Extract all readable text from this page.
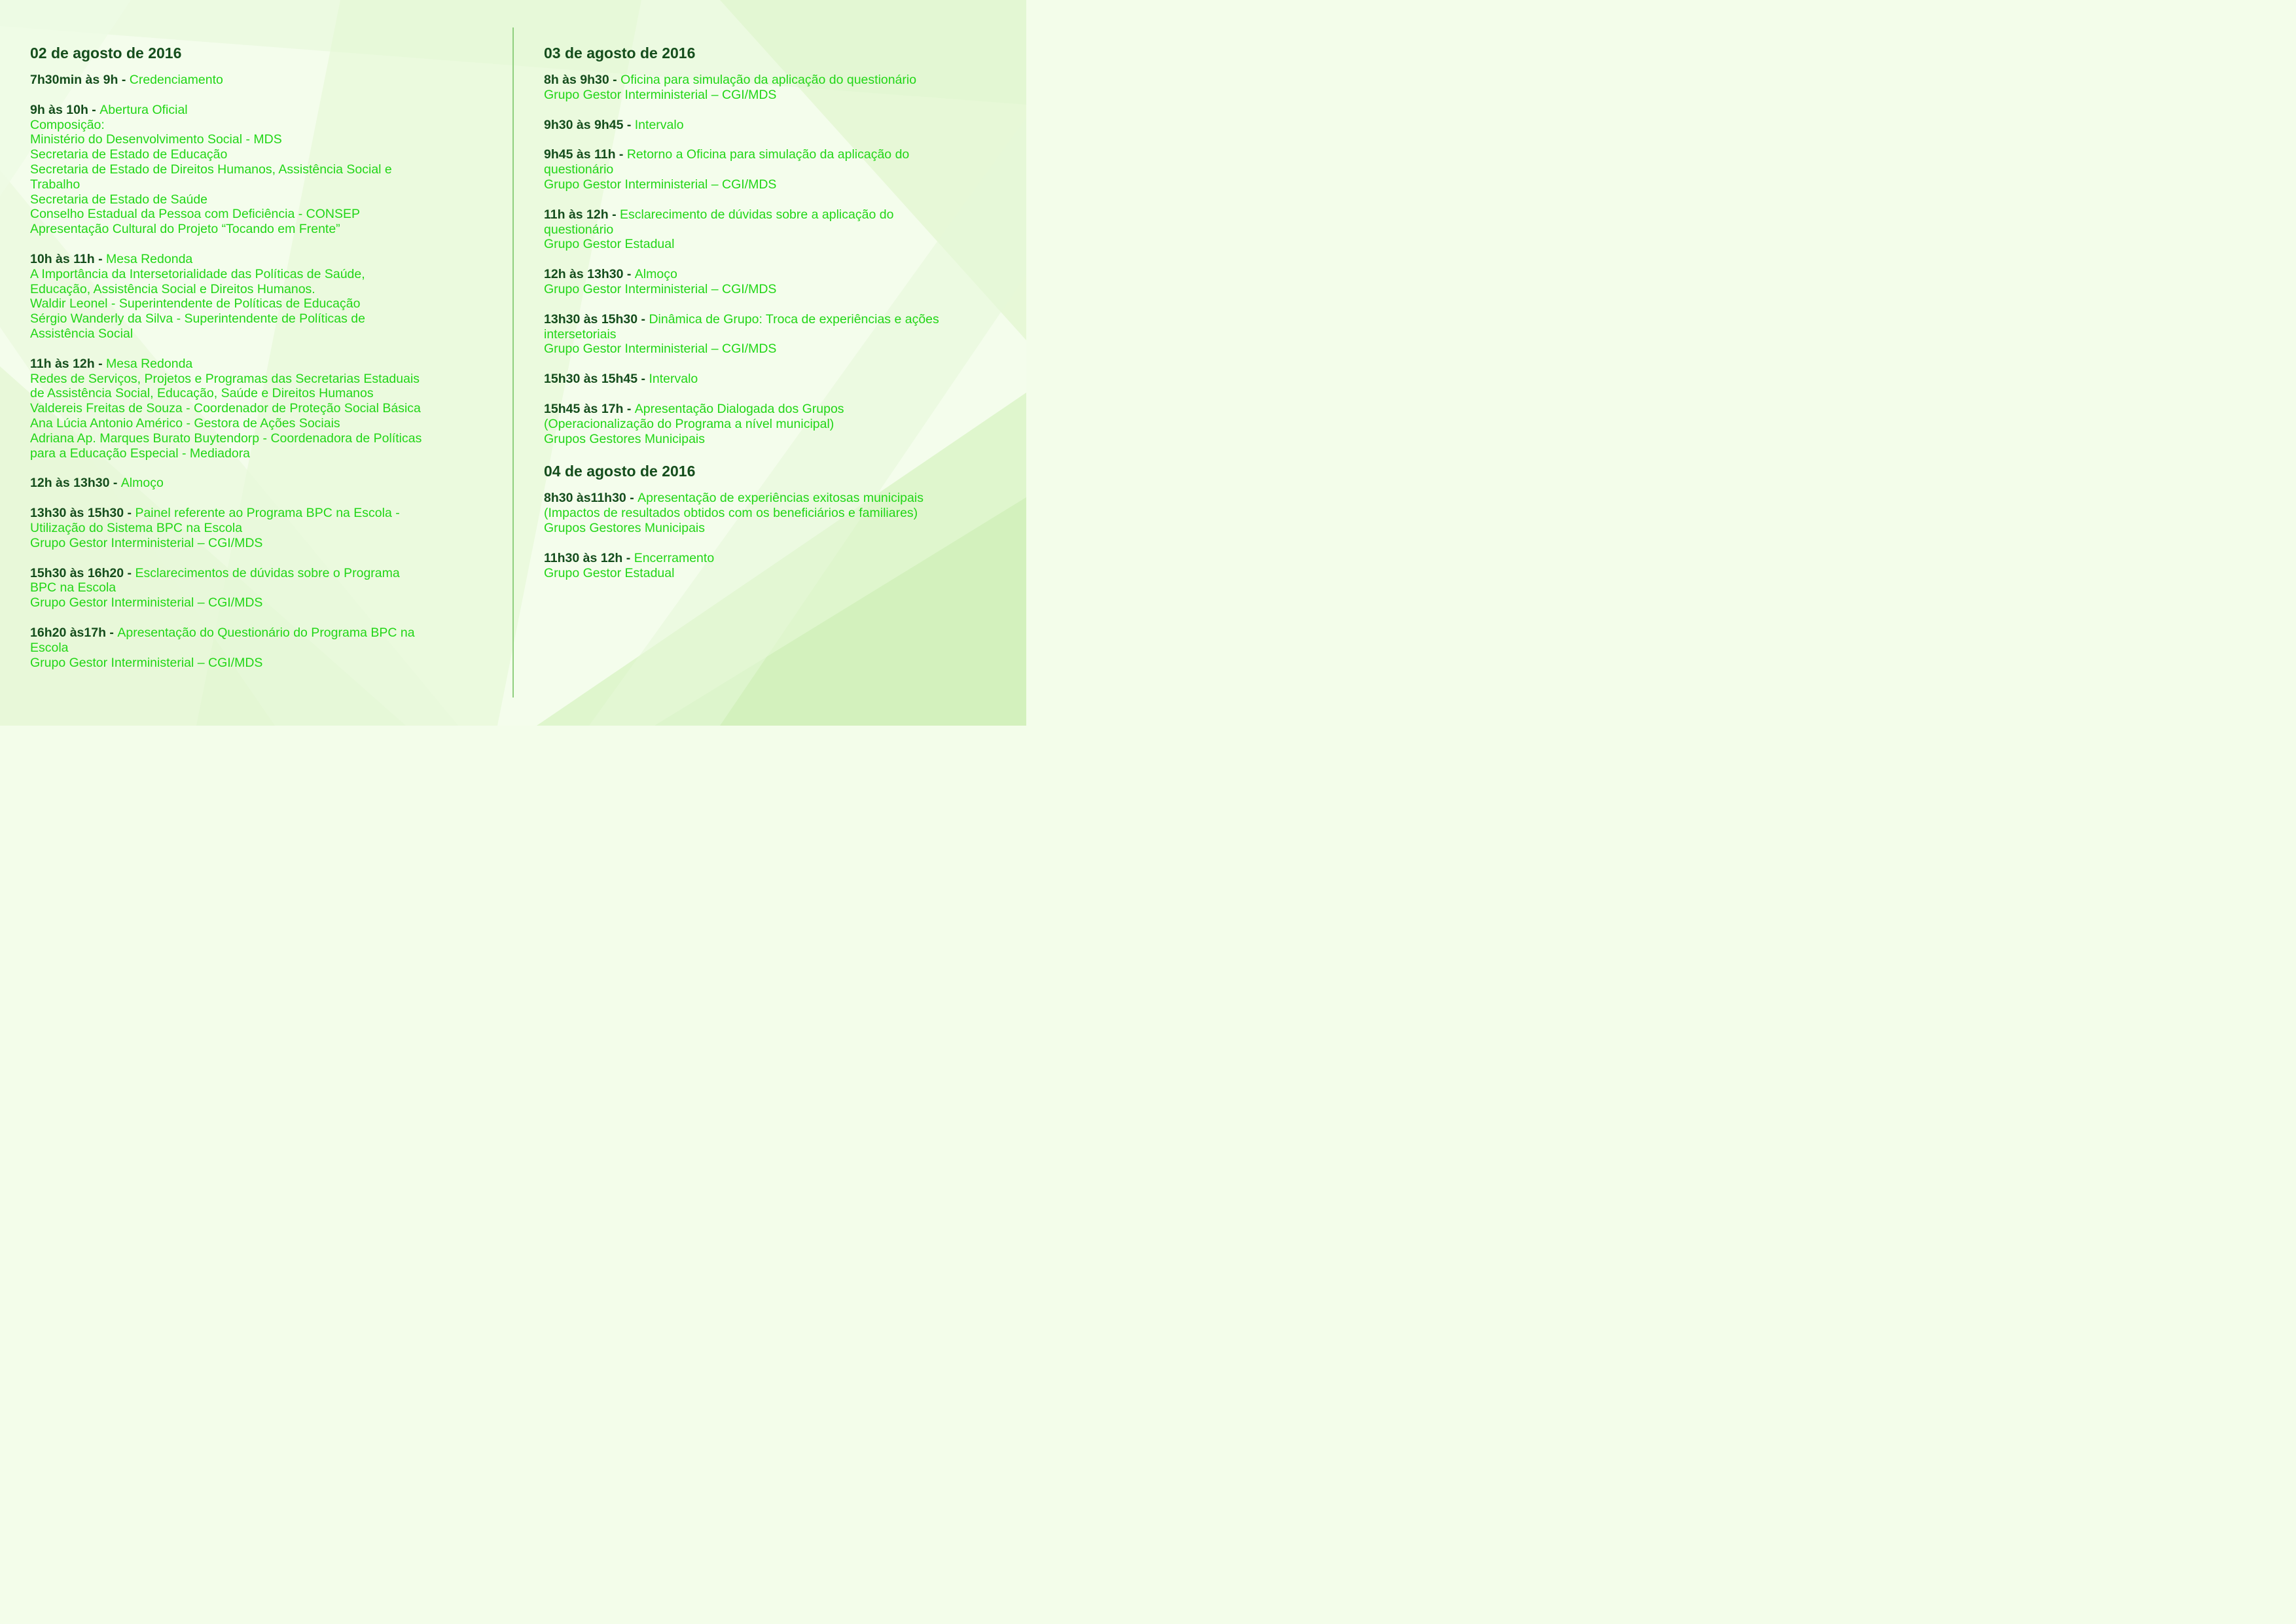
02 de agosto de 2016
7h30min às 9h - Credenciamento
9h às 10h - Abertura Oficial
Composição:
Ministério do Desenvolvimento Social - MDS
Secretaria de Estado de Educação
Secretaria de Estado de Direitos Humanos, Assistência Social e
Trabalho
Secretaria de Estado de Saúde
Conselho Estadual da Pessoa com Deficiência - CONSEP
Apresentação Cultural do Projeto “Tocando em Frente”
10h às 11h - Mesa Redonda
A Importância da Intersetorialidade das Políticas de Saúde,
Educação, Assistência Social e Direitos Humanos.
Waldir Leonel - Superintendente de Políticas de Educação
Sérgio Wanderly da Silva - Superintendente de Políticas de
Assistência Social
11h às 12h - Mesa Redonda
Redes de Serviços, Projetos e Programas das Secretarias Estaduais
de Assistência Social, Educação, Saúde e Direitos Humanos
Valdereis Freitas de Souza - Coordenador de Proteção Social Básica
Ana Lúcia Antonio Américo - Gestora de Ações Sociais
Adriana Ap. Marques Burato Buytendorp - Coordenadora de Políticas
para a Educação Especial - Mediadora
12h às 13h30 - Almoço
13h30 às 15h30 - Painel referente ao Programa BPC na Escola -
Utilização do Sistema BPC na Escola
Grupo Gestor Interministerial – CGI/MDS
15h30 às 16h20 - Esclarecimentos de dúvidas sobre o Programa
BPC na Escola
Grupo Gestor Interministerial – CGI/MDS
16h20 às17h - Apresentação do Questionário do Programa BPC na
Escola
Grupo Gestor Interministerial – CGI/MDS
03 de agosto de 2016
8h às 9h30 - Oficina para simulação da aplicação do questionário
Grupo Gestor Interministerial – CGI/MDS
9h30 às 9h45 - Intervalo
9h45 às 11h - Retorno a Oficina para simulação da aplicação do
questionário
Grupo Gestor Interministerial – CGI/MDS
11h às 12h - Esclarecimento de dúvidas sobre a aplicação do
questionário
Grupo Gestor Estadual
12h às 13h30 - Almoço
Grupo Gestor Interministerial – CGI/MDS
13h30 às 15h30 - Dinâmica de Grupo: Troca de experiências e ações
intersetoriais
Grupo Gestor Interministerial – CGI/MDS
15h30 às 15h45 - Intervalo
15h45 às 17h - Apresentação Dialogada dos Grupos
(Operacionalização do Programa a nível municipal)
Grupos Gestores Municipais
04 de agosto de 2016
8h30 às11h30 - Apresentação de experiências exitosas municipais
(Impactos de resultados obtidos com os beneficiários e familiares)
Grupos Gestores Municipais
11h30 às 12h - Encerramento
Grupo Gestor Estadual
